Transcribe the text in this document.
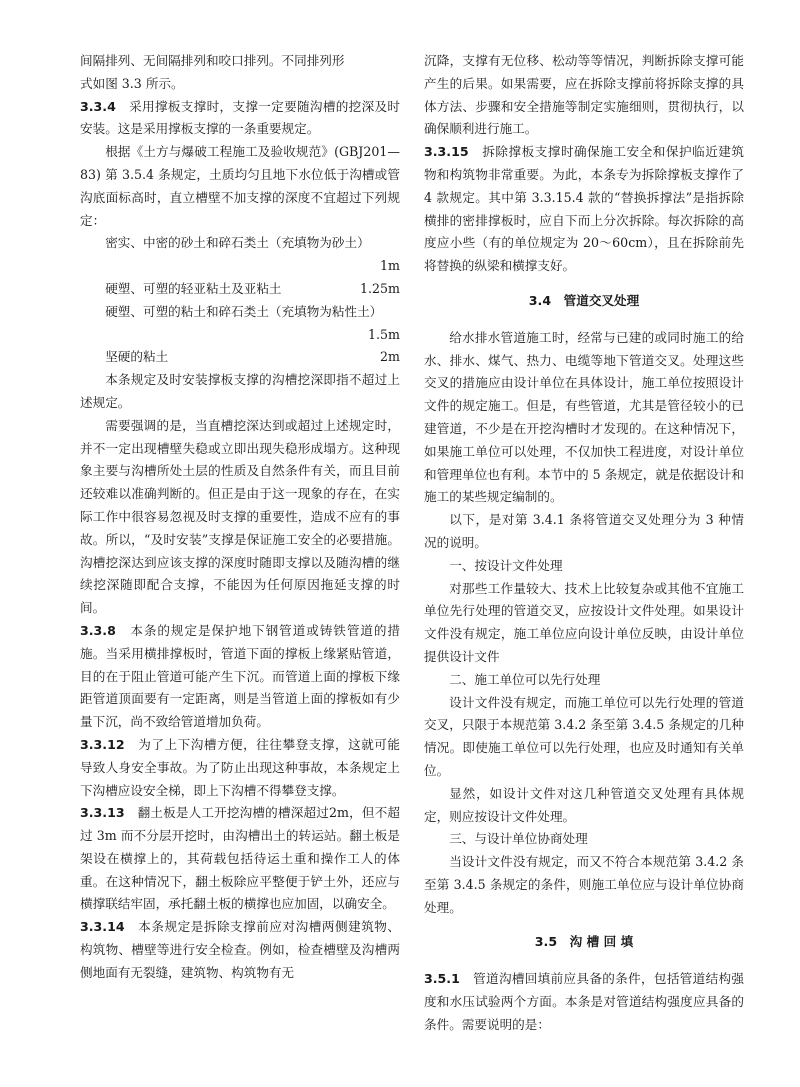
间隔排列、无间隔排列和咬口排列。不同排列形
式如图 3.3 所示。

3.3.4　 采用撑板支撑时，支撑一定要随沟槽的挖深及时安装。这是采用撑板支撑的一条重要规定。

根据《土方与爆破工程施工及验收规范》(GBJ201—83) 第 3.5.4 条规定，土质均匀且地下水位低于沟槽或管沟底面标高时，直立槽壁不加支撑的深度不宜超过下列规定：

密实、中密的砂土和碎石类土（充填物为砂土）

1m
硬塑、可塑的轻亚粘土及亚粘土	1.25m

硬塑、可塑的粘土和碎石类土（充填物为粘性土）

1.5m
坚硬的粘土	2m

本条规定及时安装撑板支撑的沟槽挖深即指不超过上述规定。

需要强调的是，当直槽挖深达到或超过上述规定时，并不一定出现槽壁失稳或立即出现失稳形成塌方。这种现象主要与沟槽所处土层的性质及自然条件有关，而且目前还较难以准确判断的。但正是由于这一现象的存在，在实际工作中很容易忽视及时支撑的重要性，造成不应有的事故。所以，“及时安装”支撑是保证施工安全的必要措施。沟槽挖深达到应该支撑的深度时随即支撑以及随沟槽的继续挖深随即配合支撑，不能因为任何原因拖延支撑的时间。

3.3.8　 本条的规定是保护地下钢管道或铸铁管道的措施。当采用横排撑板时，管道下面的撑板上缘紧贴管道，目的在于阻止管道可能产生下沉。而管道上面的撑板下缘距管道顶面要有一定距离，则是当管道上面的撑板如有少量下沉，尚不致给管道增加负荷。

3.3.12　 为了上下沟槽方便，往往攀登支撑，这就可能导致人身安全事故。为了防止出现这种事故，本条规定上下沟槽应设安全梯，即上下沟槽不得攀登支撑。

3.3.13　 翻土板是人工开挖沟槽的槽深超过2m，但不超过 3m 而不分层开挖时，由沟槽出土的转运站。翻土板是架设在横撑上的，其荷载包括待运土重和操作工人的体重。在这种情况下，翻土板除应平整便于铲土外，还应与横撑联结牢固，承托翻土板的横撑也应加固，以确安全。

3.3.14　 本条规定是拆除支撑前应对沟槽两侧建筑物、构筑物、槽壁等进行安全检查。例如，检查槽壁及沟槽两侧地面有无裂缝，建筑物、构筑物有无

沉降，支撑有无位移、松动等等情况，判断拆除支撑可能产生的后果。如果需要，应在拆除支撑前将拆除支撑的具体方法、步骤和安全措施等制定实施细则，贯彻执行，以确保顺利进行施工。

3.3.15　 拆除撑板支撑时确保施工安全和保护临近建筑物和构筑物非常重要。为此，本条专为拆除撑板支撑作了 4 款规定。其中第 3.3.15.4 款的“替换拆撑法”是指拆除横排的密排撑板时，应自下而上分次拆除。每次拆除的高度应小些（有的单位规定为 20～60cm），且在拆除前先将替换的纵梁和横撑支好。

3.4　管道交叉处理

给水排水管道施工时，经常与已建的或同时施工的给水、排水、煤气、热力、电缆等地下管道交叉。处理这些交叉的措施应由设计单位在具体设计，施工单位按照设计文件的规定施工。但是，有些管道，尤其是管径较小的已建管道，不少是在开挖沟槽时才发现的。在这种情况下，如果施工单位可以处理，不仅加快工程进度，对设计单位和管理单位也有利。本节中的 5 条规定，就是依据设计和施工的某些规定编制的。

以下，是对第 3.4.1 条将管道交叉处理分为 3 种情况的说明。

一、按设计文件处理

对那些工作量较大、技术上比较复杂或其他不宜施工单位先行处理的管道交叉，应按设计文件处理。如果设计文件没有规定，施工单位应向设计单位反映，由设计单位提供设计文件

二、施工单位可以先行处理

设计文件没有规定，而施工单位可以先行处理的管道交叉，只限于本规范第 3.4.2 条至第 3.4.5 条规定的几种情况。即使施工单位可以先行处理，也应及时通知有关单位。

显然，如设计文件对这几种管道交叉处理有具体规定，则应按设计文件处理。

三、与设计单位协商处理

当设计文件没有规定，而又不符合本规范第 3.4.2 条至第 3.4.5 条规定的条件，则施工单位应与设计单位协商处理。

3.5　沟 槽 回 填

3.5.1　 管道沟槽回填前应具备的条件，包括管道结构强度和水压试验两个方面。本条是对管道结构强度应具备的条件。需要说明的是：
